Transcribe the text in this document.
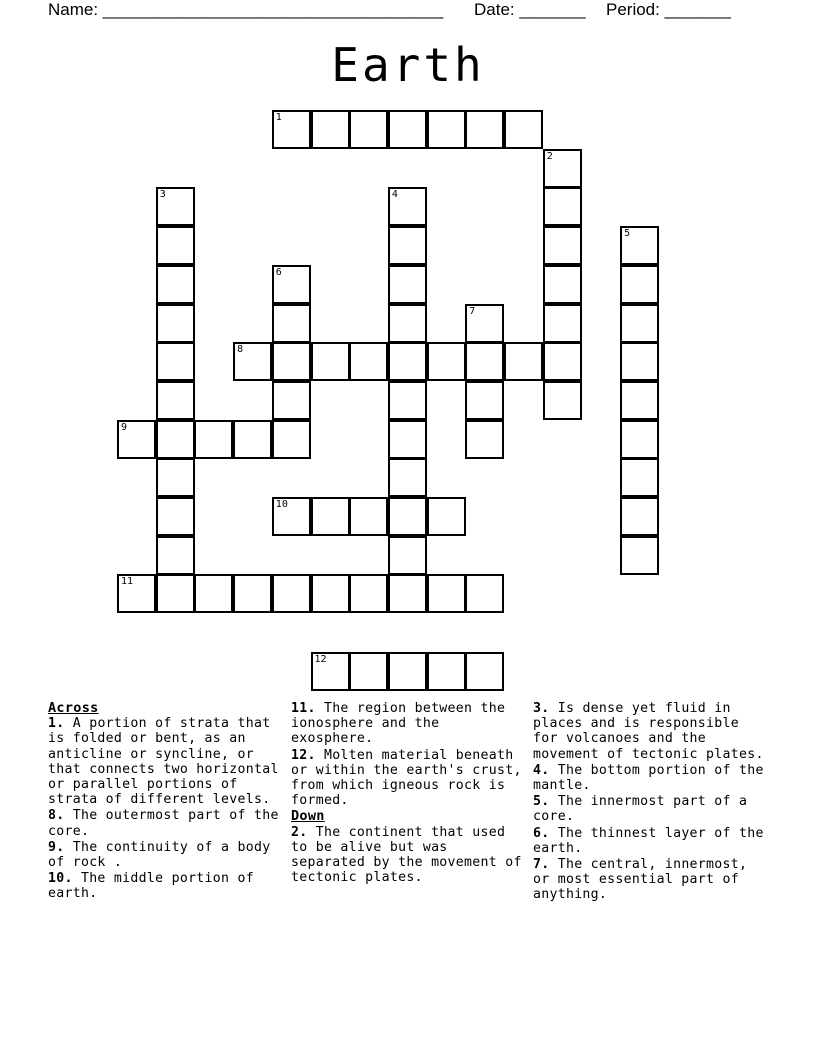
Name: ____________________________________ Date: _______ Period: _______
Earth
1
2
3	4
5
6
7
8
9
10
11
12
Across
1. A portion of strata that is folded or bent, as an anticline or syncline, or that connects two horizontal or parallel portions of strata of different levels.
8. The outermost part of the core.
9. The continuity of a body of rock .
10. The middle portion of earth.
11. The region between the ionosphere and the exosphere.
12. Molten material beneath or within the earth's crust, from which igneous rock is formed.
Down
2. The continent that used to be alive but was separated by the movement of tectonic plates.
3. Is dense yet fluid in places and is responsible for volcanoes and the movement of tectonic plates.
4. The bottom portion of the mantle.
5. The innermost part of a core.
6. The thinnest layer of the earth.
7. The central, innermost, or most essential part of anything.
